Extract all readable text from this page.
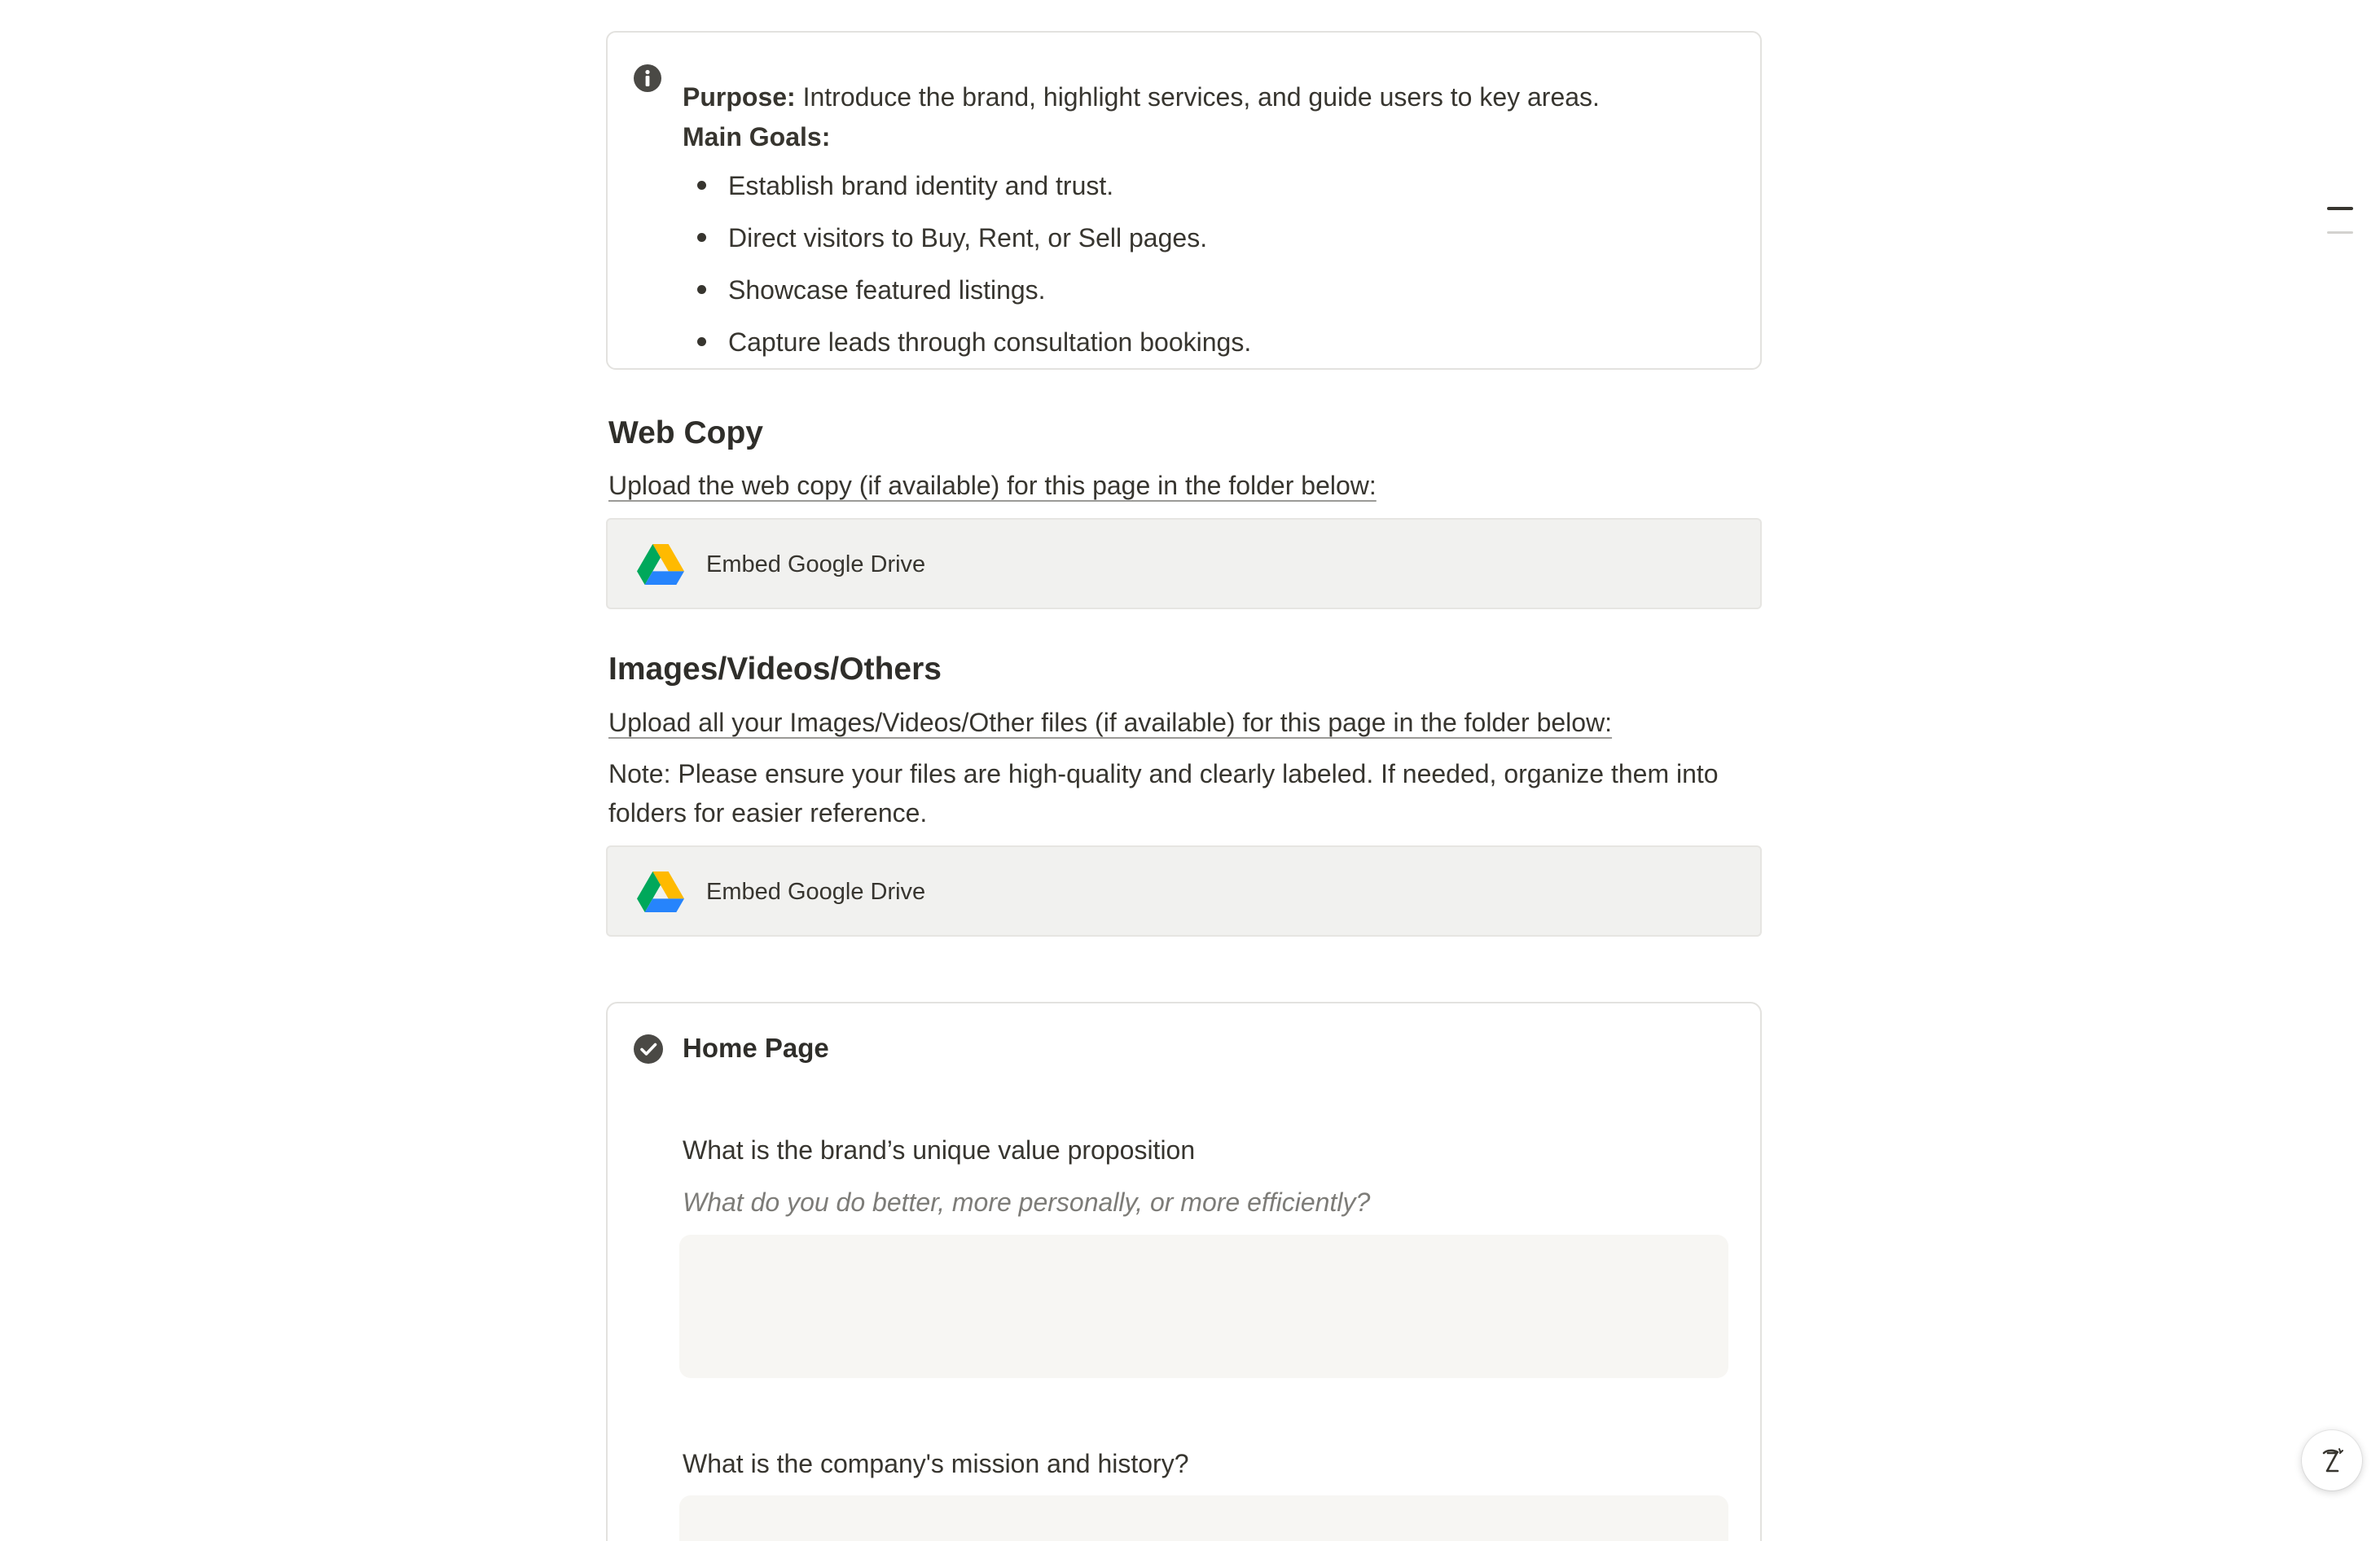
Purpose: Introduce the brand, highlight services, and guide users to key areas.
Main Goals:
Establish brand identity and trust.
Direct visitors to Buy, Rent, or Sell pages.
Showcase featured listings.
Capture leads through consultation bookings.
Web Copy
Upload the web copy (if available) for this page in the folder below:
Embed Google Drive
Images/Videos/Others
Upload all your Images/Videos/Other files (if available) for this page in the folder below:
Note: Please ensure your files are high-quality and clearly labeled. If needed, organize them into
folders for easier reference.
Embed Google Drive
Home Page
What is the brand’s unique value proposition
What do you do better, more personally, or more efficiently?
What is the company's mission and history?
